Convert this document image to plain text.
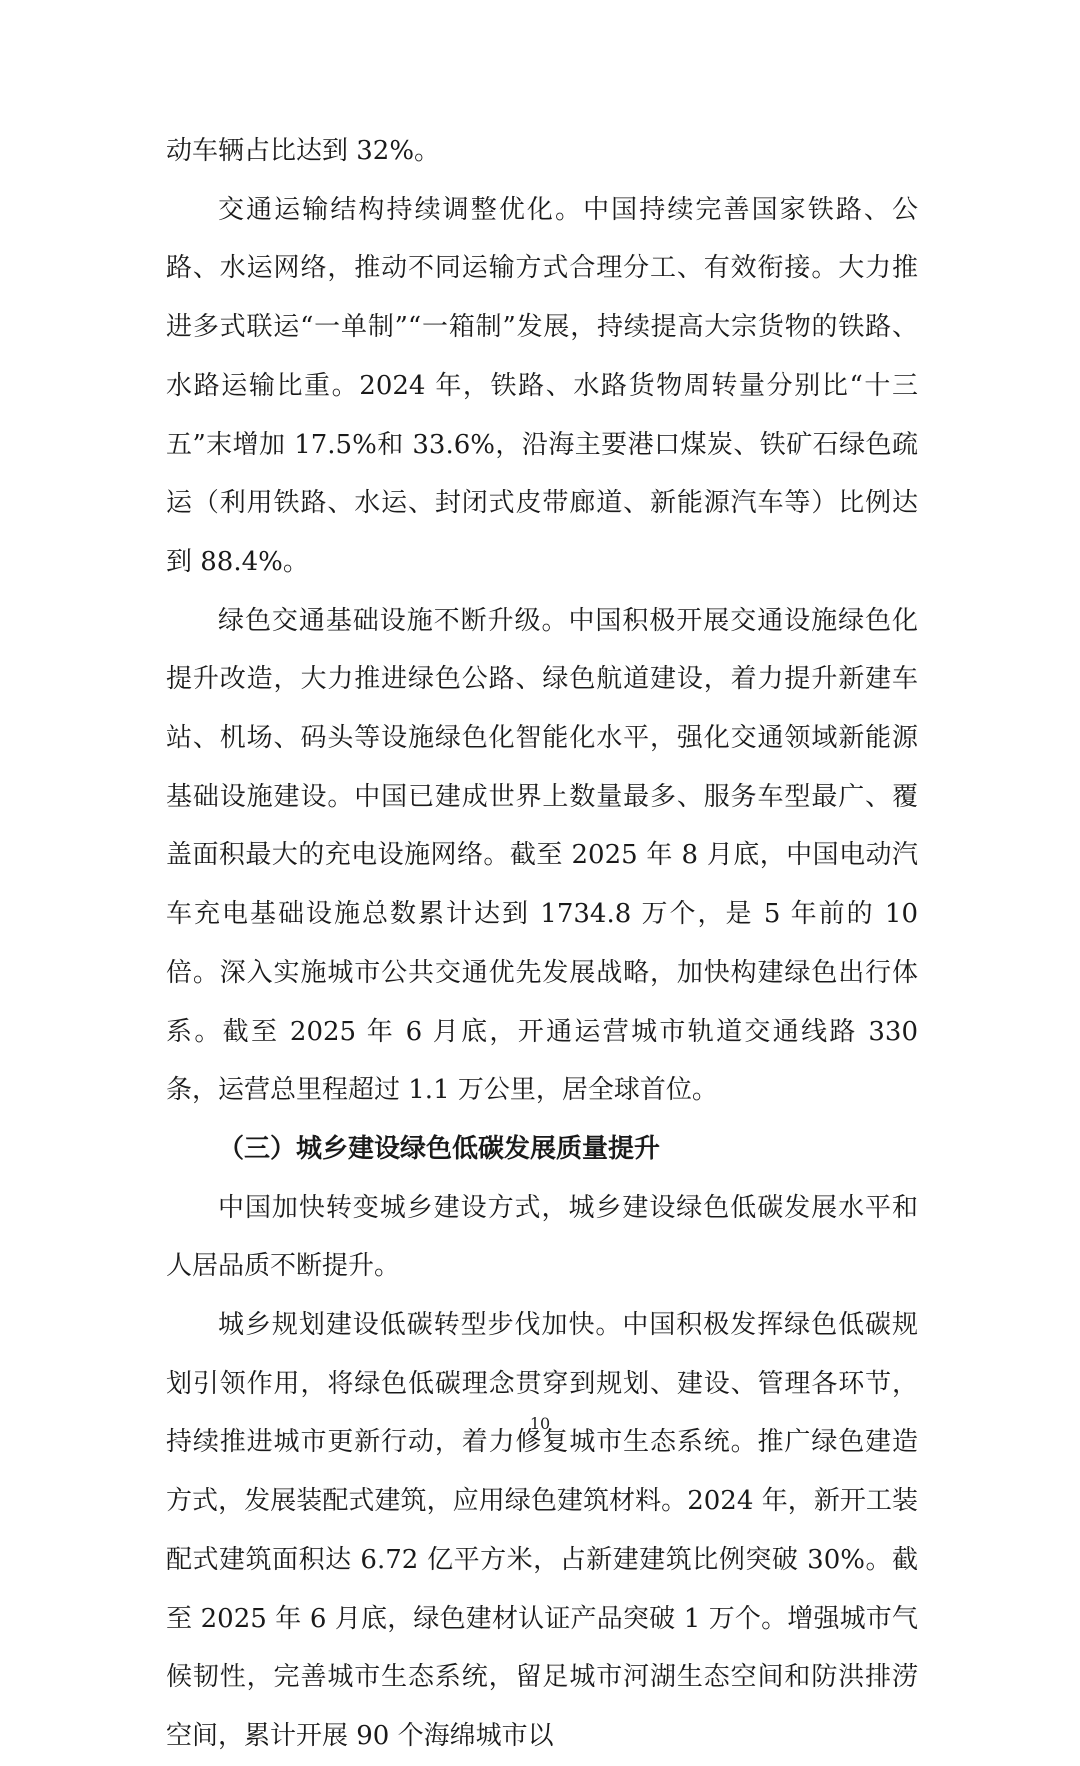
动车辆占比达到 32%。

交通运输结构持续调整优化。中国持续完善国家铁路、公路、水运网络，推动不同运输方式合理分工、有效衔接。大力推进多式联运“一单制”“一箱制”发展，持续提高大宗货物的铁路、水路运输比重。2024 年，铁路、水路货物周转量分别比“十三五”末增加 17.5%和 33.6%，沿海主要港口煤炭、铁矿石绿色疏运（利用铁路、水运、封闭式皮带廊道、新能源汽车等）比例达到 88.4%。

绿色交通基础设施不断升级。中国积极开展交通设施绿色化提升改造，大力推进绿色公路、绿色航道建设，着力提升新建车站、机场、码头等设施绿色化智能化水平，强化交通领域新能源基础设施建设。中国已建成世界上数量最多、服务车型最广、覆盖面积最大的充电设施网络。截至 2025 年 8 月底，中国电动汽车充电基础设施总数累计达到 1734.8 万个，是 5 年前的 10 倍。深入实施城市公共交通优先发展战略，加快构建绿色出行体系。截至 2025 年 6 月底，开通运营城市轨道交通线路 330 条，运营总里程超过 1.1 万公里，居全球首位。

（三）城乡建设绿色低碳发展质量提升

中国加快转变城乡建设方式，城乡建设绿色低碳发展水平和人居品质不断提升。

城乡规划建设低碳转型步伐加快。中国积极发挥绿色低碳规划引领作用，将绿色低碳理念贯穿到规划、建设、管理各环节，持续推进城市更新行动，着力修复城市生态系统。推广绿色建造方式，发展装配式建筑，应用绿色建筑材料。2024 年，新开工装配式建筑面积达 6.72 亿平方米，占新建建筑比例突破 30%。截至 2025 年 6 月底，绿色建材认证产品突破 1 万个。增强城市气候韧性，完善城市生态系统，留足城市河湖生态空间和防洪排涝空间，累计开展 90 个海绵城市以

10
